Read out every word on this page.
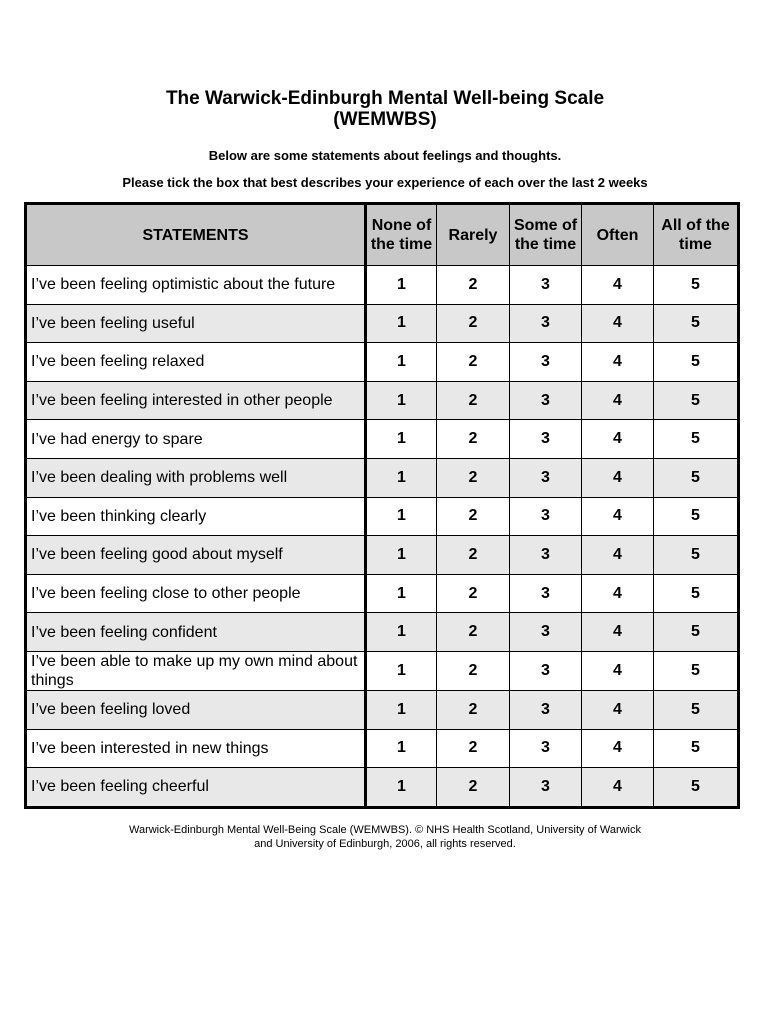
The Warwick-Edinburgh Mental Well-being Scale
(WEMWBS)
Below are some statements about feelings and thoughts.
Please tick the box that best describes your experience of each over the last 2 weeks
STATEMENTS	None of the time	Rarely	Some of the time	Often	All of the time
I’ve been feeling optimistic about the future	1	2	3	4	5
I’ve been feeling useful	1	2	3	4	5
I’ve been feeling relaxed	1	2	3	4	5
I’ve been feeling interested in other people	1	2	3	4	5
I’ve had energy to spare	1	2	3	4	5
I’ve been dealing with problems well	1	2	3	4	5
I’ve been thinking clearly	1	2	3	4	5
I’ve been feeling good about myself	1	2	3	4	5
I’ve been feeling close to other people	1	2	3	4	5
I’ve been feeling confident	1	2	3	4	5
I’ve been able to make up my own mind about things	1	2	3	4	5
I’ve been feeling loved	1	2	3	4	5
I’ve been interested in new things	1	2	3	4	5
I’ve been feeling cheerful	1	2	3	4	5
Warwick-Edinburgh Mental Well-Being Scale (WEMWBS). © NHS Health Scotland, University of Warwick
and University of Edinburgh, 2006, all rights reserved.
